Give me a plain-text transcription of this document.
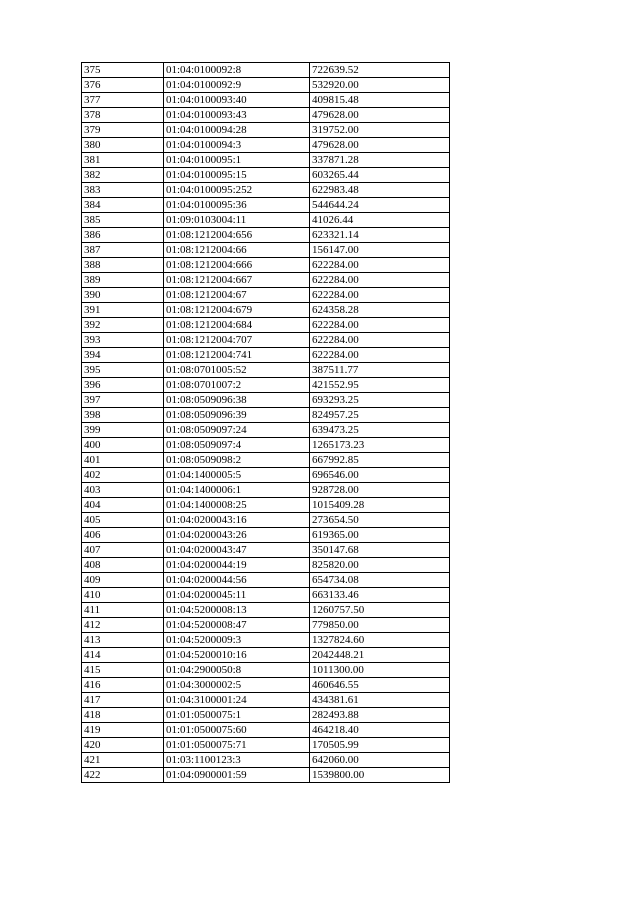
375	01:04:0100092:8	722639.52
376	01:04:0100092:9	532920.00
377	01:04:0100093:40	409815.48
378	01:04:0100093:43	479628.00
379	01:04:0100094:28	319752.00
380	01:04:0100094:3	479628.00
381	01:04:0100095:1	337871.28
382	01:04:0100095:15	603265.44
383	01:04:0100095:252	622983.48
384	01:04:0100095:36	544644.24
385	01:09:0103004:11	41026.44
386	01:08:1212004:656	623321.14
387	01:08:1212004:66	156147.00
388	01:08:1212004:666	622284.00
389	01:08:1212004:667	622284.00
390	01:08:1212004:67	622284.00
391	01:08:1212004:679	624358.28
392	01:08:1212004:684	622284.00
393	01:08:1212004:707	622284.00
394	01:08:1212004:741	622284.00
395	01:08:0701005:52	387511.77
396	01:08:0701007:2	421552.95
397	01:08:0509096:38	693293.25
398	01:08:0509096:39	824957.25
399	01:08:0509097:24	639473.25
400	01:08:0509097:4	1265173.23
401	01:08:0509098:2	667992.85
402	01:04:1400005:5	696546.00
403	01:04:1400006:1	928728.00
404	01:04:1400008:25	1015409.28
405	01:04:0200043:16	273654.50
406	01:04:0200043:26	619365.00
407	01:04:0200043:47	350147.68
408	01:04:0200044:19	825820.00
409	01:04:0200044:56	654734.08
410	01:04:0200045:11	663133.46
411	01:04:5200008:13	1260757.50
412	01:04:5200008:47	779850.00
413	01:04:5200009:3	1327824.60
414	01:04:5200010:16	2042448.21
415	01:04:2900050:8	1011300.00
416	01:04:3000002:5	460646.55
417	01:04:3100001:24	434381.61
418	01:01:0500075:1	282493.88
419	01:01:0500075:60	464218.40
420	01:01:0500075:71	170505.99
421	01:03:1100123:3	642060.00
422	01:04:0900001:59	1539800.00
